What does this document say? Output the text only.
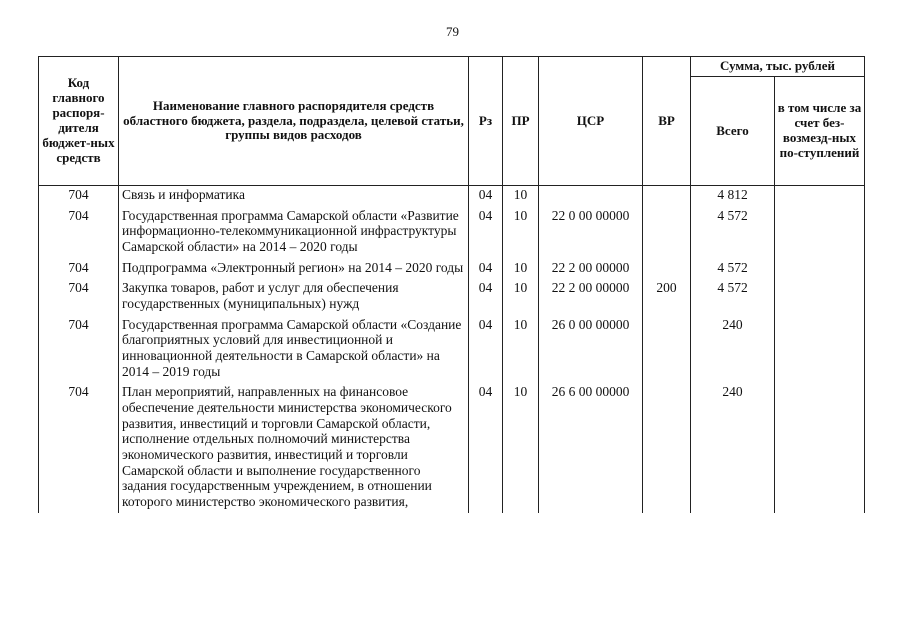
79
Код главного распоря-дителя бюджет-ных средств	Наименование главного распорядителя средств областного бюджета, раздела, подраздела, целевой статьи, группы видов расходов	Рз	ПР	ЦСР	ВР	Сумма, тыс. рублей	
						Всего	в том числе за счет без-возмезд-ных по-ступлений
704	Связь и информатика	04	10			4 812	
704	Государственная программа Самарской области «Развитие информационно-телекоммуникационной инфраструктуры Самарской области» на 2014 – 2020 годы	04	10	22 0 00 00000		4 572	
704	Подпрограмма «Электронный регион» на 2014 – 2020 годы	04	10	22 2 00 00000		4 572	
704	Закупка товаров, работ и услуг для обеспечения государственных (муниципальных) нужд	04	10	22 2 00 00000	200	4 572	
704	Государственная программа Самарской области «Создание благоприятных условий для инвестиционной и инновационной деятельности в Самарской области» на 2014 – 2019 годы	04	10	26 0 00 00000		240	
704	План мероприятий, направленных на финансовое обеспечение деятельности министерства экономического развития, инвестиций и торговли Самарской области, исполнение отдельных полномочий министерства экономического развития, инвестиций и торговли Самарской области и выполнение государственного задания государственным учреждением, в отношении которого министерство экономического развития,	04	10	26 6 00 00000		240	
